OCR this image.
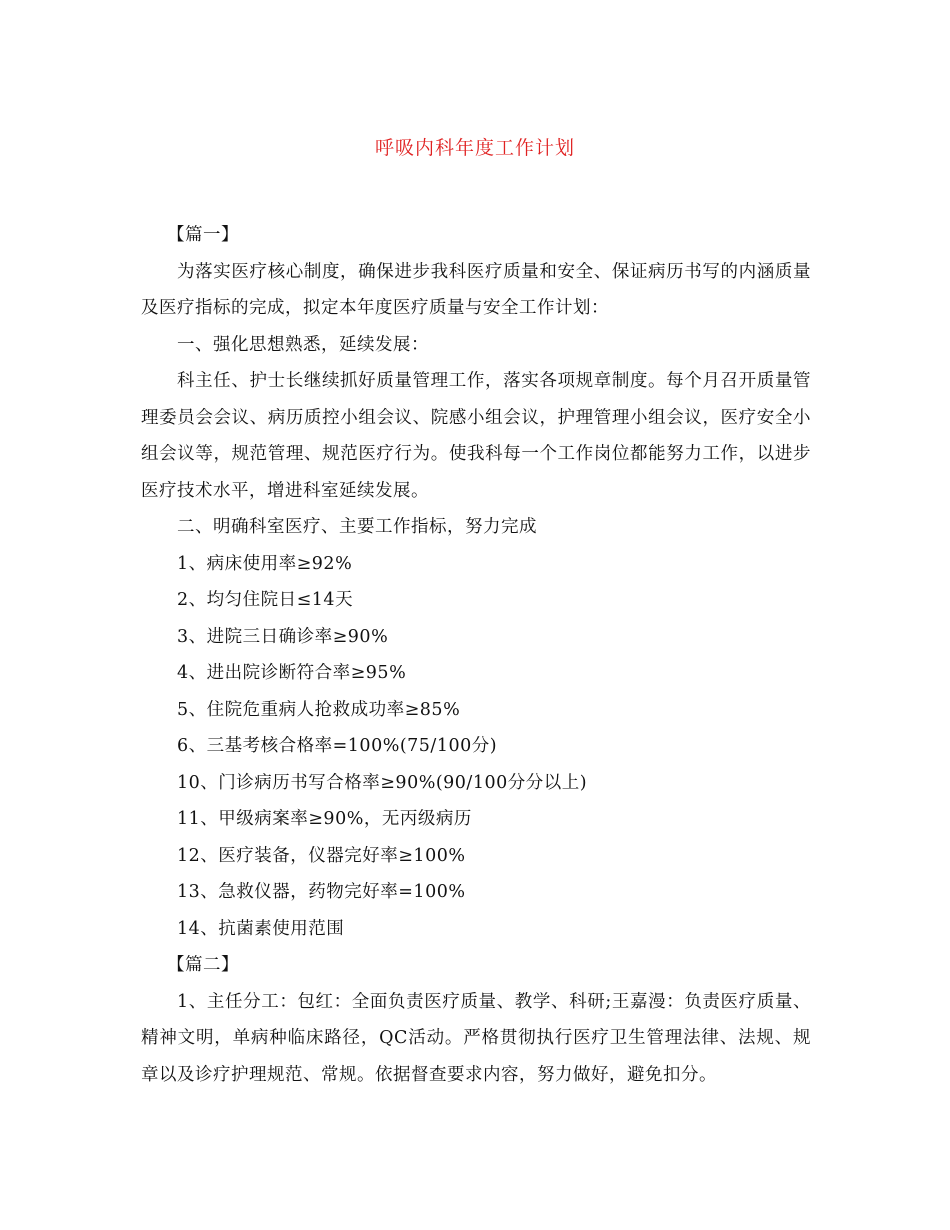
呼吸内科年度工作计划

【篇一】

为落实医疗核心制度，确保进步我科医疗质量和安全、保证病历书写的内涵质量及医疗指标的完成，拟定本年度医疗质量与安全工作计划：

一、强化思想熟悉，延续发展：

科主任、护士长继续抓好质量管理工作，落实各项规章制度。每个月召开质量管理委员会会议、病历质控小组会议、院感小组会议，护理管理小组会议，医疗安全小组会议等，规范管理、规范医疗行为。使我科每一个工作岗位都能努力工作，以进步医疗技术水平，增进科室延续发展。

二、明确科室医疗、主要工作指标，努力完成

1、病床使用率≥92%

2、均匀住院日≤14天

3、进院三日确诊率≥90%

4、进出院诊断符合率≥95%

5、住院危重病人抢救成功率≥85%

6、三基考核合格率=100%(75/100分)

10、门诊病历书写合格率≥90%(90/100分分以上)

11、甲级病案率≥90%，无丙级病历

12、医疗装备，仪器完好率≥100%

13、急救仪器，药物完好率=100%

14、抗菌素使用范围

【篇二】

1、主任分工：包红：全面负责医疗质量、教学、科研;王嘉漫：负责医疗质量、精神文明，单病种临床路径，QC活动。严格贯彻执行医疗卫生管理法律、法规、规章以及诊疗护理规范、常规。依据督查要求内容，努力做好，避免扣分。
